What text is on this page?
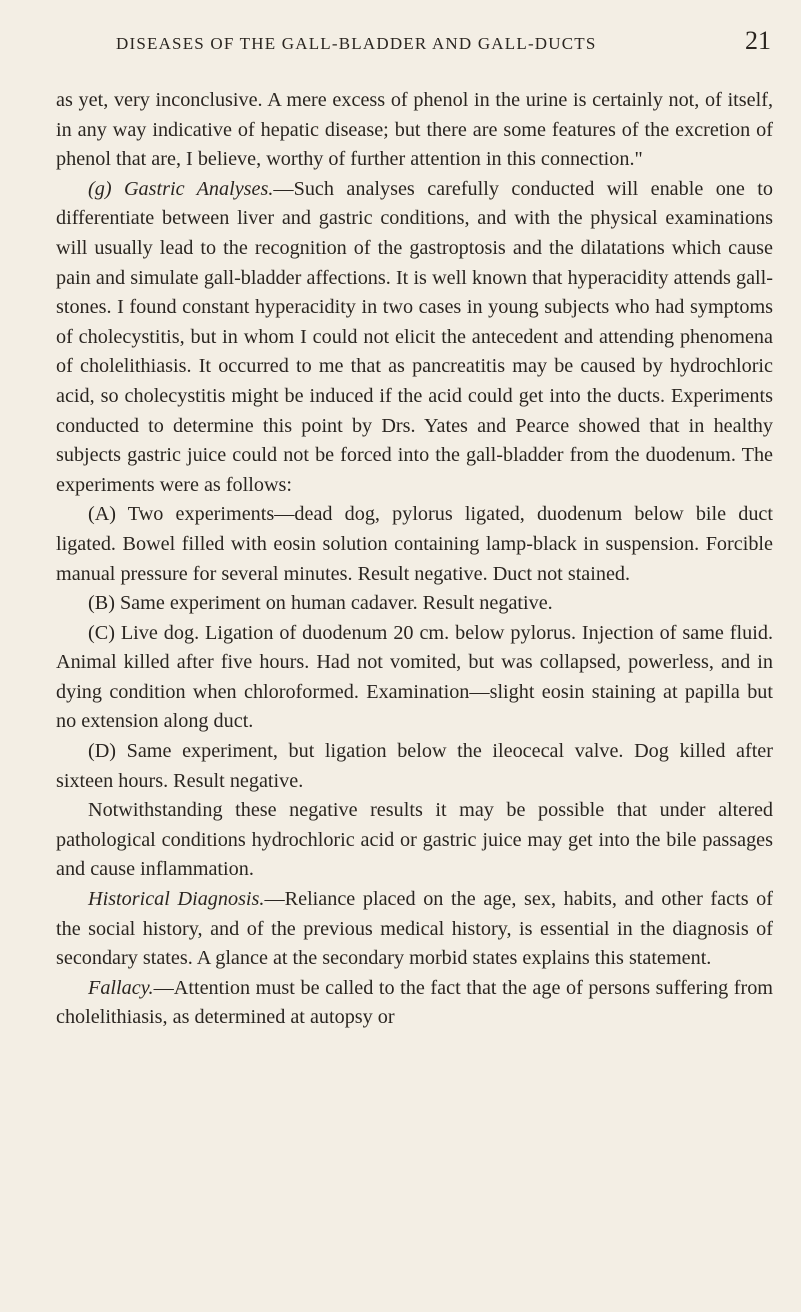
DISEASES OF THE GALL-BLADDER AND GALL-DUCTS	21

as yet, very inconclusive. A mere excess of phenol in the urine is certainly not, of itself, in any way indicative of hepatic disease; but there are some features of the excretion of phenol that are, I believe, worthy of further attention in this connection."

(g) Gastric Analyses.—Such analyses carefully conducted will enable one to differentiate between liver and gastric conditions, and with the physical examinations will usually lead to the recognition of the gastroptosis and the dilatations which cause pain and simulate gall-bladder affections. It is well known that hyperacidity attends gall-stones. I found constant hyperacidity in two cases in young subjects who had symptoms of cholecystitis, but in whom I could not elicit the antecedent and attending phenomena of cholelithiasis. It occurred to me that as pancreatitis may be caused by hydrochloric acid, so cholecystitis might be induced if the acid could get into the ducts. Experiments conducted to determine this point by Drs. Yates and Pearce showed that in healthy subjects gastric juice could not be forced into the gall-bladder from the duodenum. The experiments were as follows:

(A) Two experiments—dead dog, pylorus ligated, duodenum below bile duct ligated. Bowel filled with eosin solution containing lamp-black in suspension. Forcible manual pressure for several minutes. Result negative. Duct not stained.

(B) Same experiment on human cadaver. Result negative.

(C) Live dog. Ligation of duodenum 20 cm. below pylorus. Injection of same fluid. Animal killed after five hours. Had not vomited, but was collapsed, powerless, and in dying condition when chloroformed. Examination—slight eosin staining at papilla but no extension along duct.

(D) Same experiment, but ligation below the ileocecal valve. Dog killed after sixteen hours. Result negative.

Notwithstanding these negative results it may be possible that under altered pathological conditions hydrochloric acid or gastric juice may get into the bile passages and cause inflammation.

Historical Diagnosis.—Reliance placed on the age, sex, habits, and other facts of the social history, and of the previous medical history, is essential in the diagnosis of secondary states. A glance at the secondary morbid states explains this statement.

Fallacy.—Attention must be called to the fact that the age of persons suffering from cholelithiasis, as determined at autopsy or
